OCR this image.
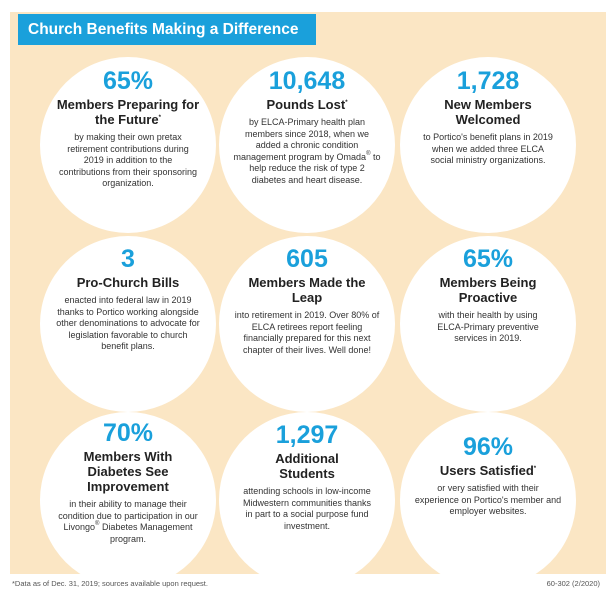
Church Benefits Making a Difference
65%
Members Preparing for the Future*
by making their own pretax retirement contributions during 2019 in addition to the contributions from their sponsoring organization.
10,648
Pounds Lost*
by ELCA-Primary health plan members since 2018, when we added a chronic condition management program by Omada® to help reduce the risk of type 2 diabetes and heart disease.
1,728
New Members Welcomed
to Portico's benefit plans in 2019 when we added three ELCA social ministry organizations.
3
Pro-Church Bills
enacted into federal law in 2019 thanks to Portico working alongside other denominations to advocate for legislation favorable to church benefit plans.
605
Members Made the Leap
into retirement in 2019. Over 80% of ELCA retirees report feeling financially prepared for this next chapter of their lives. Well done!
65%
Members Being Proactive
with their health by using ELCA-Primary preventive services in 2019.
70%
Members With Diabetes See Improvement
in their ability to manage their condition due to participation in our Livongo® Diabetes Management program.
1,297
Additional Students
attending schools in low-income Midwestern communities thanks in part to a social purpose fund investment.
96%
Users Satisfied*
or very satisfied with their experience on Portico's member and employer websites.
*Data as of Dec. 31, 2019; sources available upon request.	60-302 (2/2020)
